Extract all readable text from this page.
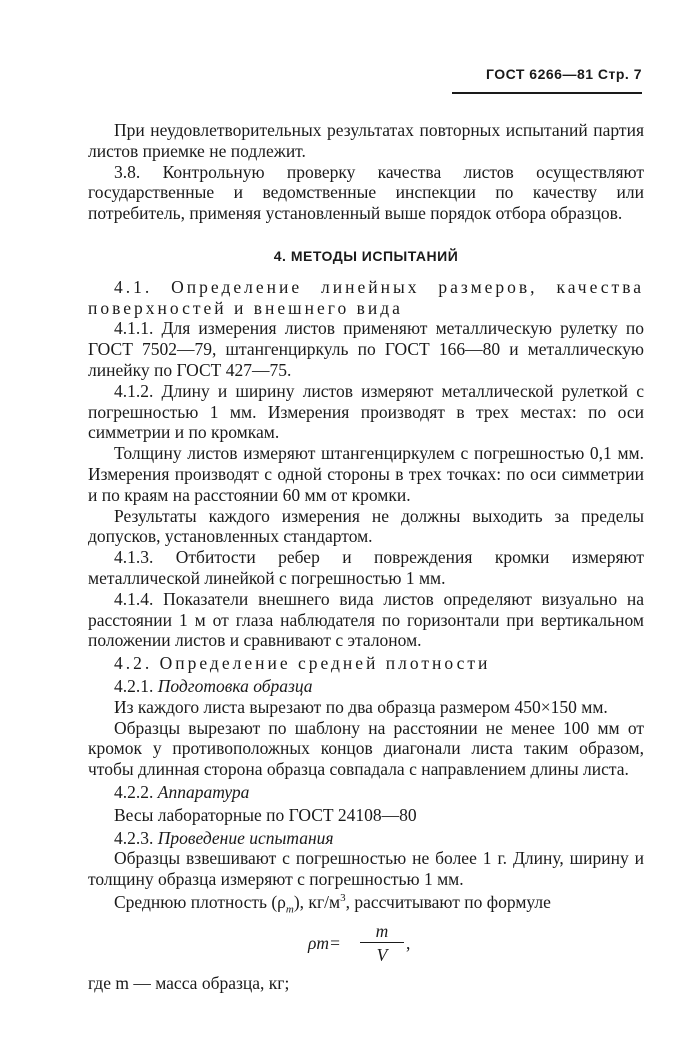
ГОСТ 6266—81 Стр. 7

При неудовлетворительных результатах повторных испытаний партия листов приемке не подлежит.

3.8. Контрольную проверку качества листов осуществляют государственные и ведомственные инспекции по качеству или потребитель, применяя установленный выше порядок отбора образцов.

4. МЕТОДЫ ИСПЫТАНИЙ

4.1. Определение линейных размеров, качества поверхностей и внешнего вида

4.1.1. Для измерения листов применяют металлическую рулетку по ГОСТ 7502—79, штангенциркуль по ГОСТ 166—80 и металлическую линейку по ГОСТ 427—75.

4.1.2. Длину и ширину листов измеряют металлической рулеткой с погрешностью 1 мм. Измерения производят в трех местах: по оси симметрии и по кромкам.

Толщину листов измеряют штангенциркулем с погрешностью 0,1 мм. Измерения производят с одной стороны в трех точках: по оси симметрии и по краям на расстоянии 60 мм от кромки.

Результаты каждого измерения не должны выходить за пределы допусков, установленных стандартом.

4.1.3. Отбитости ребер и повреждения кромки измеряют металлической линейкой с погрешностью 1 мм.

4.1.4. Показатели внешнего вида листов определяют визуально на расстоянии 1 м от глаза наблюдателя по горизонтали при вертикальном положении листов и сравнивают с эталоном.

4.2. Определение средней плотности

4.2.1. Подготовка образца

Из каждого листа вырезают по два образца размером 450×150 мм.

Образцы вырезают по шаблону на расстоянии не менее 100 мм от кромок у противоположных концов диагонали листа таким образом, чтобы длинная сторона образца совпадала с направлением длины листа.

4.2.2. Аппаратура

Весы лабораторные по ГОСТ 24108—80

4.2.3. Проведение испытания

Образцы взвешивают с погрешностью не более 1 г. Длину, ширину и толщину образца измеряют с погрешностью 1 мм.

Среднюю плотность $(\rho_m)$, $кг/м^3$, рассчитывают по формуле

ρm=
m
V
,

где m — масса образца, кг;
